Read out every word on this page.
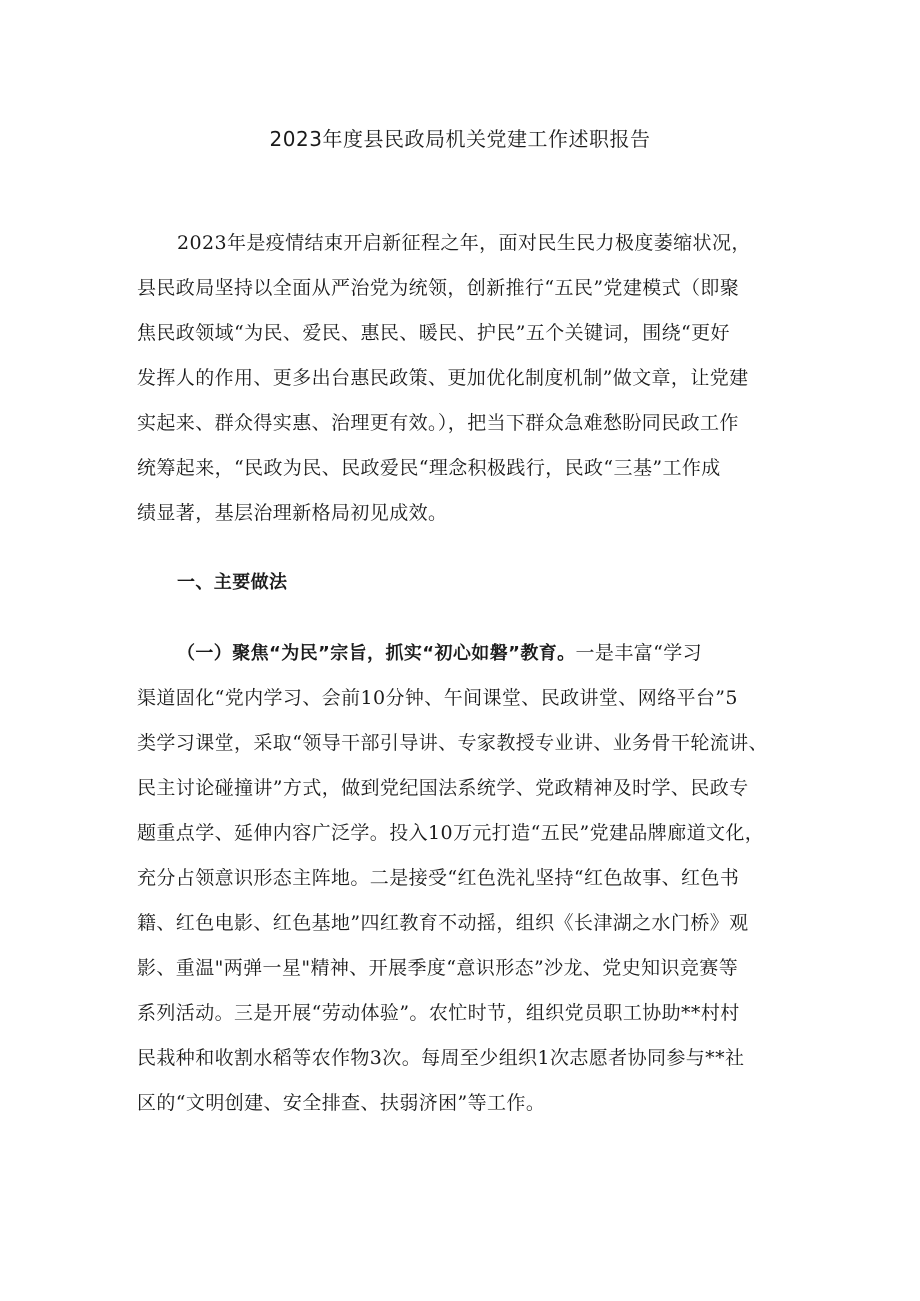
2023年度县民政局机关党建工作述职报告

2023年是疫情结束开启新征程之年，面对民生民力极度萎缩状况，

县民政局坚持以全面从严治党为统领，创新推行“五民”党建模式（即聚

焦民政领域“为民、爱民、惠民、暖民、护民”五个关键词，围绕“更好

发挥人的作用、更多出台惠民政策、更加优化制度机制”做文章，让党建

实起来、群众得实惠、治理更有效。），把当下群众急难愁盼同民政工作

统筹起来，“民政为民、民政爱民“理念积极践行，民政“三基”工作成

绩显著，基层治理新格局初见成效。

一、主要做法

（一）聚焦“为民”宗旨，抓实“初心如磐”教育。一是丰富“学习

渠道固化“党内学习、会前10分钟、午间课堂、民政讲堂、网络平台”5

类学习课堂，采取“领导干部引导讲、专家教授专业讲、业务骨干轮流讲、

民主讨论碰撞讲”方式，做到党纪国法系统学、党政精神及时学、民政专

题重点学、延伸内容广泛学。投入10万元打造“五民”党建品牌廊道文化，

充分占领意识形态主阵地。二是接受“红色洗礼坚持“红色故事、红色书

籍、红色电影、红色基地”四红教育不动摇，组织《长津湖之水门桥》观

影、重温"两弹一星"精神、开展季度“意识形态”沙龙、党史知识竞赛等

系列活动。三是开展“劳动体验”。农忙时节，组织党员职工协助**村村

民栽种和收割水稻等农作物3次。每周至少组织1次志愿者协同参与**社

区的“文明创建、安全排查、扶弱济困”等工作。
